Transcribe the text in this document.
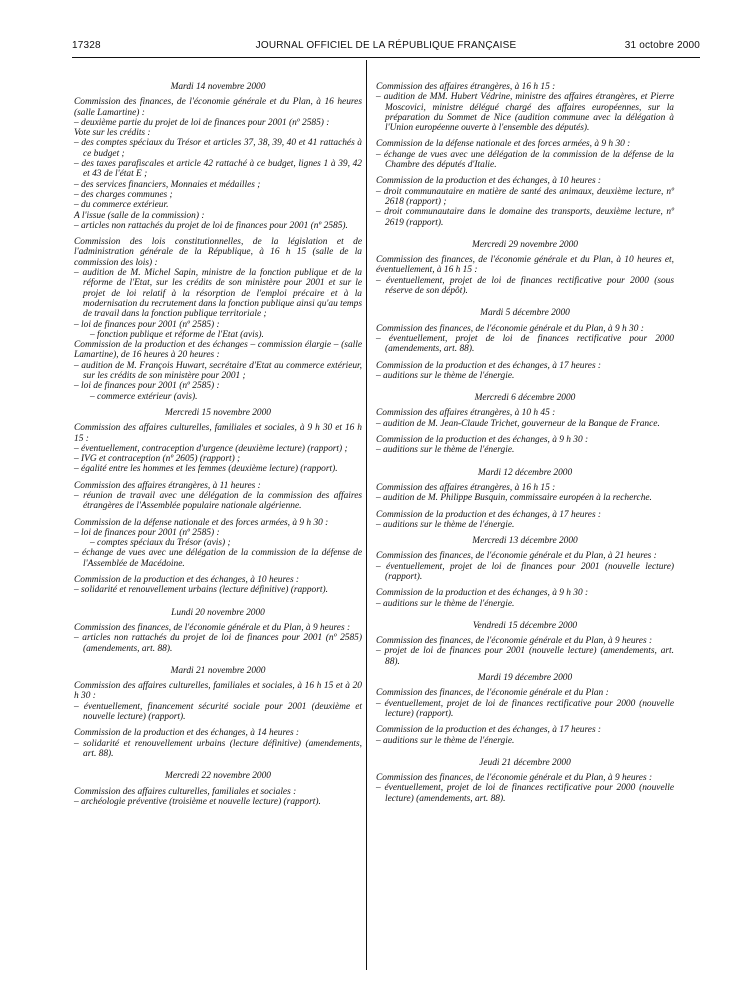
17328	JOURNAL OFFICIEL DE LA RÉPUBLIQUE FRANÇAISE	31 octobre 2000
Mardi 14 novembre 2000
Commission des finances, de l'économie générale et du Plan, à 16 heures (salle Lamartine) :
– deuxième partie du projet de loi de finances pour 2001 (nº 2585) :
Vote sur les crédits :
– des comptes spéciaux du Trésor et articles 37, 38, 39, 40 et 41 rattachés à ce budget ;
– des taxes parafiscales et article 42 rattaché à ce budget, lignes 1 à 39, 42 et 43 de l'état E ;
– des services financiers, Monnaies et médailles ;
– des charges communes ;
– du commerce extérieur.
A l'issue (salle de la commission) :
– articles non rattachés du projet de loi de finances pour 2001 (nº 2585).
Commission des lois constitutionnelles, de la législation et de l'administration générale de la République, à 16 h 15 (salle de la commission des lois) :
– audition de M. Michel Sapin, ministre de la fonction publique et de la réforme de l'Etat, sur les crédits de son ministère pour 2001 et sur le projet de loi relatif à la résorption de l'emploi précaire et à la modernisation du recrutement dans la fonction publique ainsi qu'au temps de travail dans la fonction publique territoriale ;
– loi de finances pour 2001 (nº 2585) :
– fonction publique et réforme de l'Etat (avis).
Commission de la production et des échanges – commission élargie – (salle Lamartine), de 16 heures à 20 heures :
– audition de M. François Huwart, secrétaire d'Etat au commerce extérieur, sur les crédits de son ministère pour 2001 ;
– loi de finances pour 2001 (nº 2585) :
– commerce extérieur (avis).
Mercredi 15 novembre 2000
Commission des affaires culturelles, familiales et sociales, à 9 h 30 et 16 h 15 :
– éventuellement, contraception d'urgence (deuxième lecture) (rapport) ;
– IVG et contraception (nº 2605) (rapport) ;
– égalité entre les hommes et les femmes (deuxième lecture) (rapport).
Commission des affaires étrangères, à 11 heures :
– réunion de travail avec une délégation de la commission des affaires étrangères de l'Assemblée populaire nationale algérienne.
Commission de la défense nationale et des forces armées, à 9 h 30 :
– loi de finances pour 2001 (nº 2585) :
– comptes spéciaux du Trésor (avis) ;
– échange de vues avec une délégation de la commission de la défense de l'Assemblée de Macédoine.
Commission de la production et des échanges, à 10 heures :
– solidarité et renouvellement urbains (lecture définitive) (rapport).
Lundi 20 novembre 2000
Commission des finances, de l'économie générale et du Plan, à 9 heures :
– articles non rattachés du projet de loi de finances pour 2001 (nº 2585) (amendements, art. 88).
Mardi 21 novembre 2000
Commission des affaires culturelles, familiales et sociales, à 16 h 15 et à 20 h 30 :
– éventuellement, financement sécurité sociale pour 2001 (deuxième et nouvelle lecture) (rapport).
Commission de la production et des échanges, à 14 heures :
– solidarité et renouvellement urbains (lecture définitive) (amendements, art. 88).
Mercredi 22 novembre 2000
Commission des affaires culturelles, familiales et sociales :
– archéologie préventive (troisième et nouvelle lecture) (rapport).
Commission des affaires étrangères, à 16 h 15 :
– audition de MM. Hubert Védrine, ministre des affaires étrangères, et Pierre Moscovici, ministre délégué chargé des affaires européennes, sur la préparation du Sommet de Nice (audition commune avec la délégation à l'Union européenne ouverte à l'ensemble des députés).
Commission de la défense nationale et des forces armées, à 9 h 30 :
– échange de vues avec une délégation de la commission de la défense de la Chambre des députés d'Italie.
Commission de la production et des échanges, à 10 heures :
– droit communautaire en matière de santé des animaux, deuxième lecture, nº 2618 (rapport) ;
– droit communautaire dans le domaine des transports, deuxième lecture, nº 2619 (rapport).
Mercredi 29 novembre 2000
Commission des finances, de l'économie générale et du Plan, à 10 heures et, éventuellement, à 16 h 15 :
– éventuellement, projet de loi de finances rectificative pour 2000 (sous réserve de son dépôt).
Mardi 5 décembre 2000
Commission des finances, de l'économie générale et du Plan, à 9 h 30 :
– éventuellement, projet de loi de finances rectificative pour 2000 (amendements, art. 88).
Commission de la production et des échanges, à 17 heures :
– auditions sur le thème de l'énergie.
Mercredi 6 décembre 2000
Commission des affaires étrangères, à 10 h 45 :
– audition de M. Jean-Claude Trichet, gouverneur de la Banque de France.
Commission de la production et des échanges, à 9 h 30 :
– auditions sur le thème de l'énergie.
Mardi 12 décembre 2000
Commission des affaires étrangères, à 16 h 15 :
– audition de M. Philippe Busquin, commissaire européen à la recherche.
Commission de la production et des échanges, à 17 heures :
– auditions sur le thème de l'énergie.
Mercredi 13 décembre 2000
Commission des finances, de l'économie générale et du Plan, à 21 heures :
– éventuellement, projet de loi de finances pour 2001 (nouvelle lecture) (rapport).
Commission de la production et des échanges, à 9 h 30 :
– auditions sur le thème de l'énergie.
Vendredi 15 décembre 2000
Commission des finances, de l'économie générale et du Plan, à 9 heures :
– projet de loi de finances pour 2001 (nouvelle lecture) (amendements, art. 88).
Mardi 19 décembre 2000
Commission des finances, de l'économie générale et du Plan :
– éventuellement, projet de loi de finances rectificative pour 2000 (nouvelle lecture) (rapport).
Commission de la production et des échanges, à 17 heures :
– auditions sur le thème de l'énergie.
Jeudi 21 décembre 2000
Commission des finances, de l'économie générale et du Plan, à 9 heures :
– éventuellement, projet de loi de finances rectificative pour 2000 (nouvelle lecture) (amendements, art. 88).
